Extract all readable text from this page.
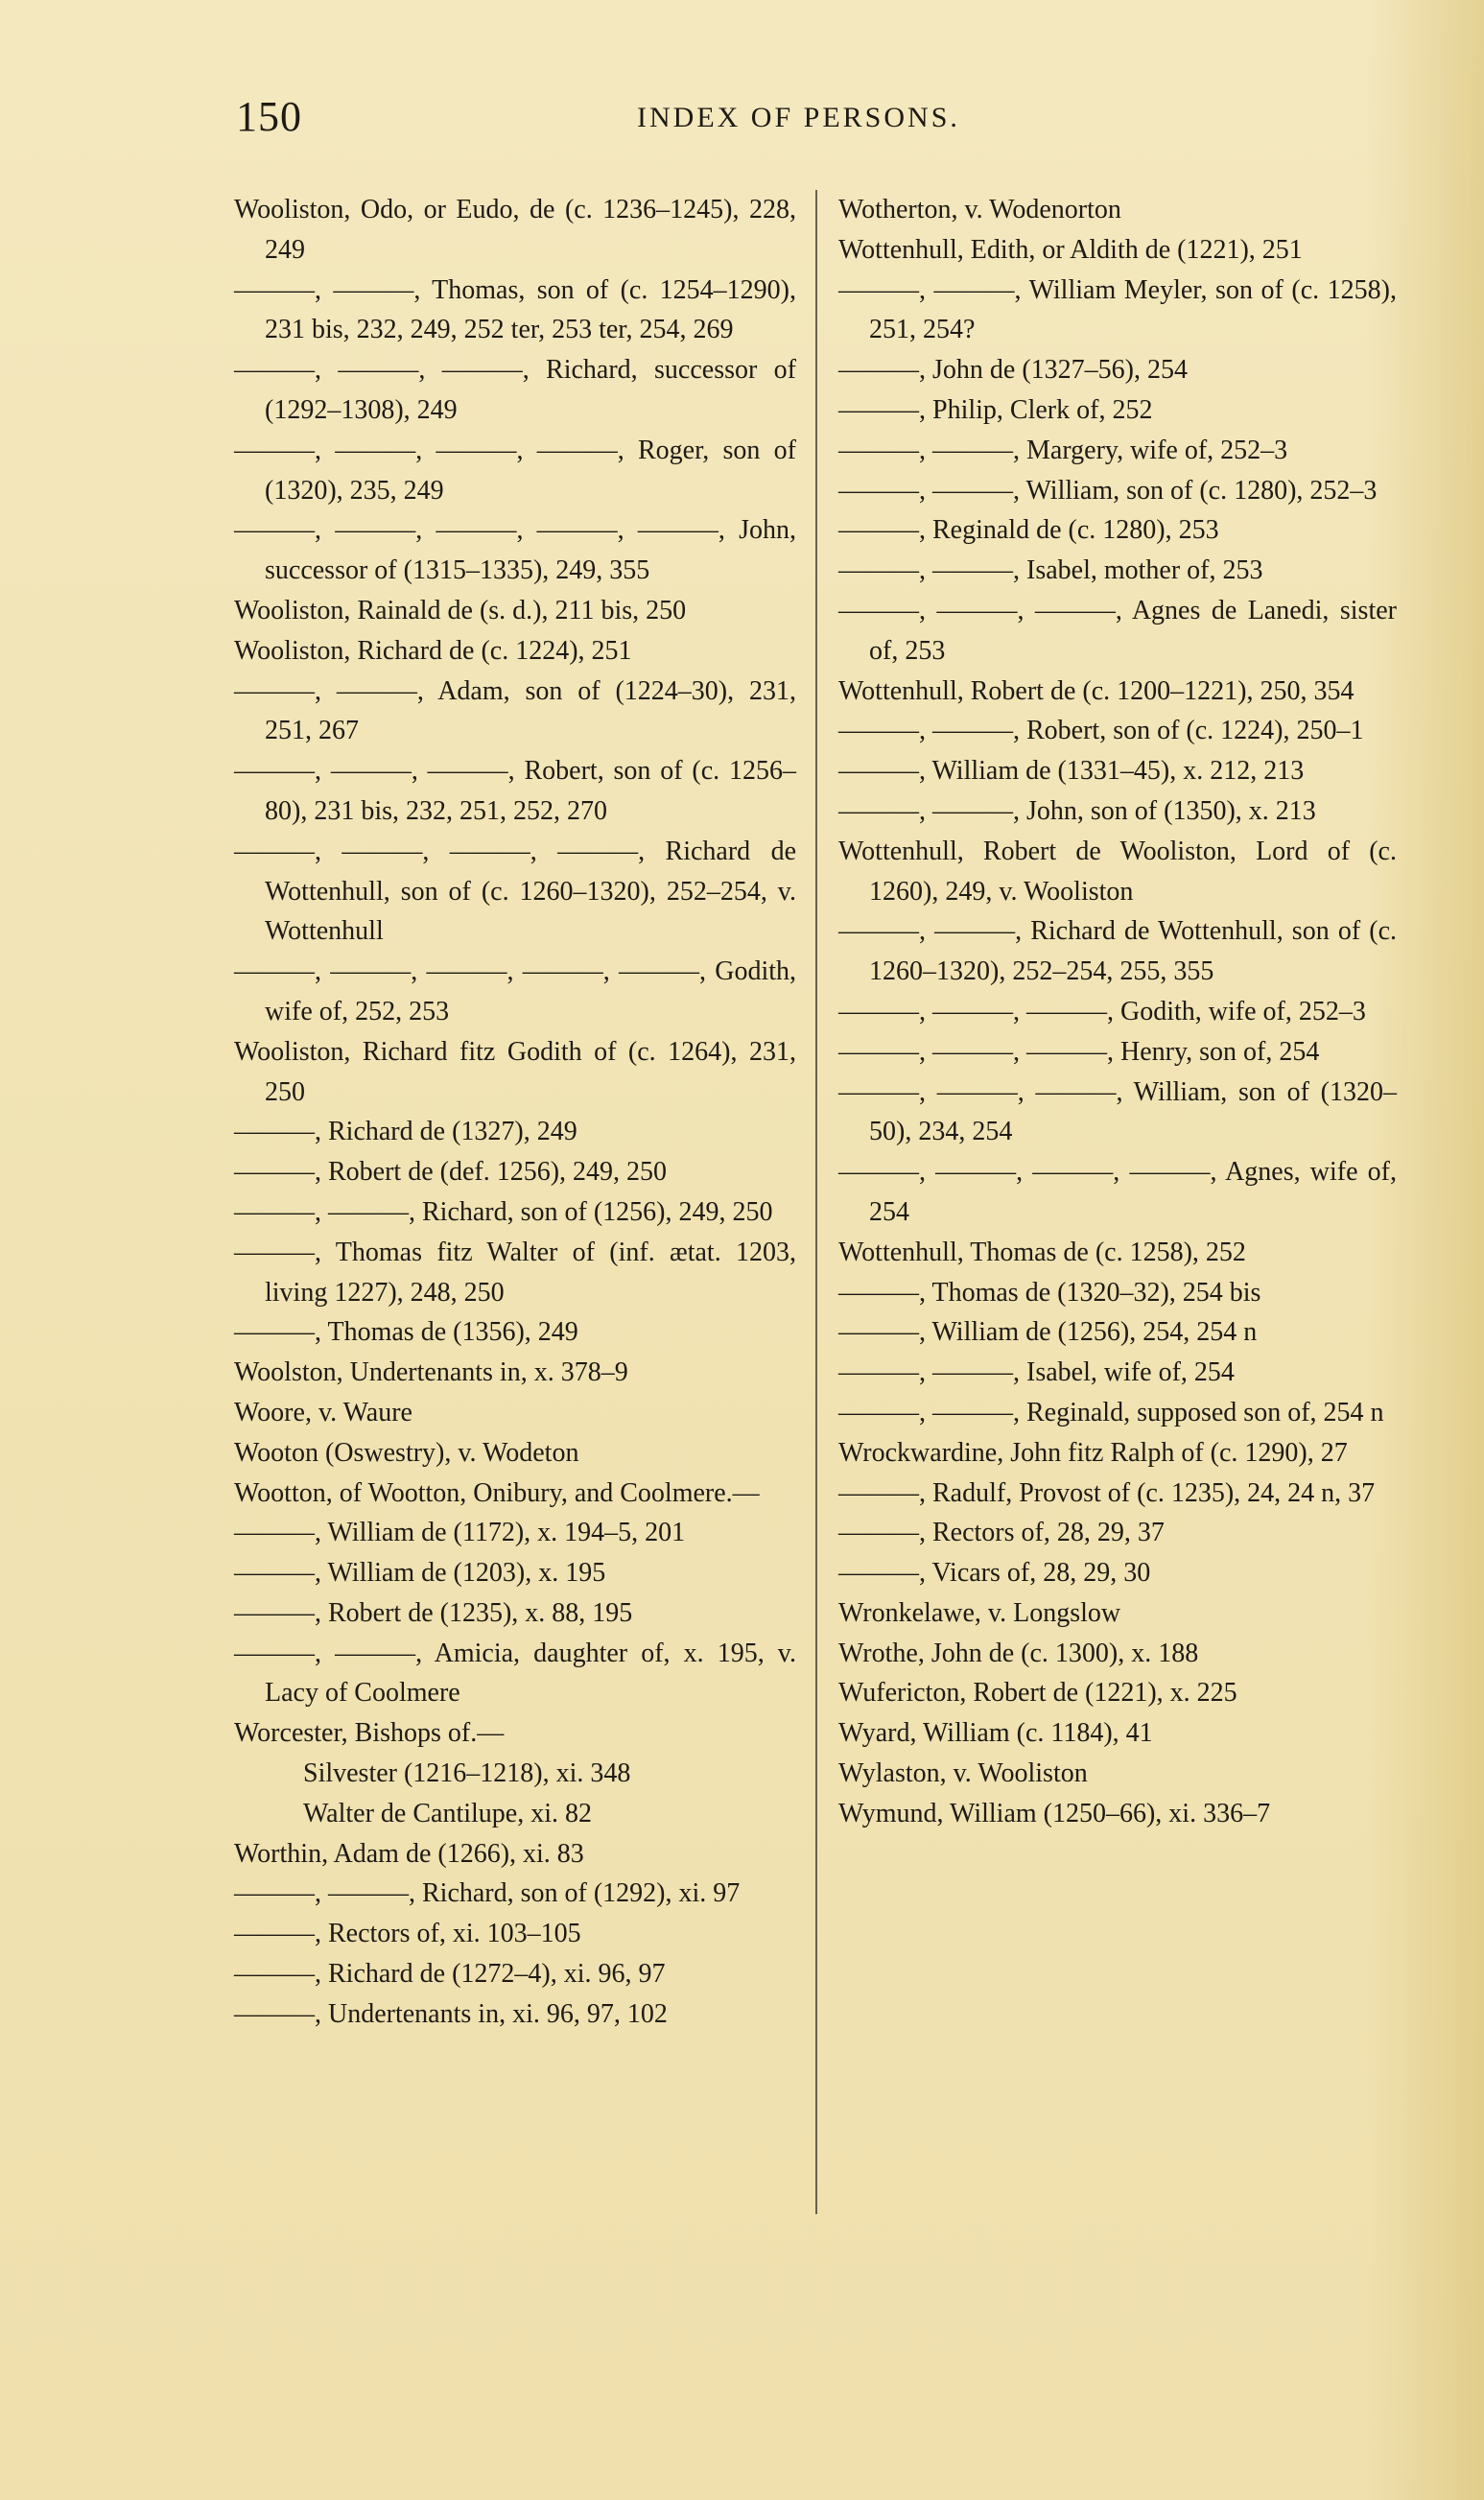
150	INDEX OF PERSONS.

Wooliston, Odo, or Eudo, de (c. 1236–1245), 228, 249

———, ———, Thomas, son of (c. 1254–1290), 231 bis, 232, 249, 252 ter, 253 ter, 254, 269

———, ———, ———, Richard, successor of (1292–1308), 249

———, ———, ———, ———, Roger, son of (1320), 235, 249

———, ———, ———, ———, ———, John, successor of (1315–1335), 249, 355

Wooliston, Rainald de (s. d.), 211 bis, 250

Wooliston, Richard de (c. 1224), 251

———, ———, Adam, son of (1224–30), 231, 251, 267

———, ———, ———, Robert, son of (c. 1256–80), 231 bis, 232, 251, 252, 270

———, ———, ———, ———, Richard de Wottenhull, son of (c. 1260–1320), 252–254, v. Wottenhull

———, ———, ———, ———, ———, Godith, wife of, 252, 253

Wooliston, Richard fitz Godith of (c. 1264), 231, 250

———, Richard de (1327), 249

———, Robert de (def. 1256), 249, 250

———, ———, Richard, son of (1256), 249, 250

———, Thomas fitz Walter of (inf. ætat. 1203, living 1227), 248, 250

———, Thomas de (1356), 249

Woolston, Undertenants in, x. 378–9

Woore, v. Waure

Wooton (Oswestry), v. Wodeton

Wootton, of Wootton, Onibury, and Coolmere.—

———, William de (1172), x. 194–5, 201

———, William de (1203), x. 195

———, Robert de (1235), x. 88, 195

———, ———, Amicia, daughter of, x. 195, v. Lacy of Coolmere

Worcester, Bishops of.—

Silvester (1216–1218), xi. 348

Walter de Cantilupe, xi. 82

Worthin, Adam de (1266), xi. 83

———, ———, Richard, son of (1292), xi. 97

———, Rectors of, xi. 103–105

———, Richard de (1272–4), xi. 96, 97

———, Undertenants in, xi. 96, 97, 102

Wotherton, v. Wodenorton

Wottenhull, Edith, or Aldith de (1221), 251

———, ———, William Meyler, son of (c. 1258), 251, 254?

———, John de (1327–56), 254

———, Philip, Clerk of, 252

———, ———, Margery, wife of, 252–3

———, ———, William, son of (c. 1280), 252–3

———, Reginald de (c. 1280), 253

———, ———, Isabel, mother of, 253

———, ———, ———, Agnes de Lanedi, sister of, 253

Wottenhull, Robert de (c. 1200–1221), 250, 354

———, ———, Robert, son of (c. 1224), 250–1

———, William de (1331–45), x. 212, 213

———, ———, John, son of (1350), x. 213

Wottenhull, Robert de Wooliston, Lord of (c. 1260), 249, v. Wooliston

———, ———, Richard de Wottenhull, son of (c. 1260–1320), 252–254, 255, 355

———, ———, ———, Godith, wife of, 252–3

———, ———, ———, Henry, son of, 254

———, ———, ———, William, son of (1320–50), 234, 254

———, ———, ———, ———, Agnes, wife of, 254

Wottenhull, Thomas de (c. 1258), 252

———, Thomas de (1320–32), 254 bis

———, William de (1256), 254, 254 n

———, ———, Isabel, wife of, 254

———, ———, Reginald, supposed son of, 254 n

Wrockwardine, John fitz Ralph of (c. 1290), 27

———, Radulf, Provost of (c. 1235), 24, 24 n, 37

———, Rectors of, 28, 29, 37

———, Vicars of, 28, 29, 30

Wronkelawe, v. Longslow

Wrothe, John de (c. 1300), x. 188

Wufericton, Robert de (1221), x. 225

Wyard, William (c. 1184), 41

Wylaston, v. Wooliston

Wymund, William (1250–66), xi. 336–7
